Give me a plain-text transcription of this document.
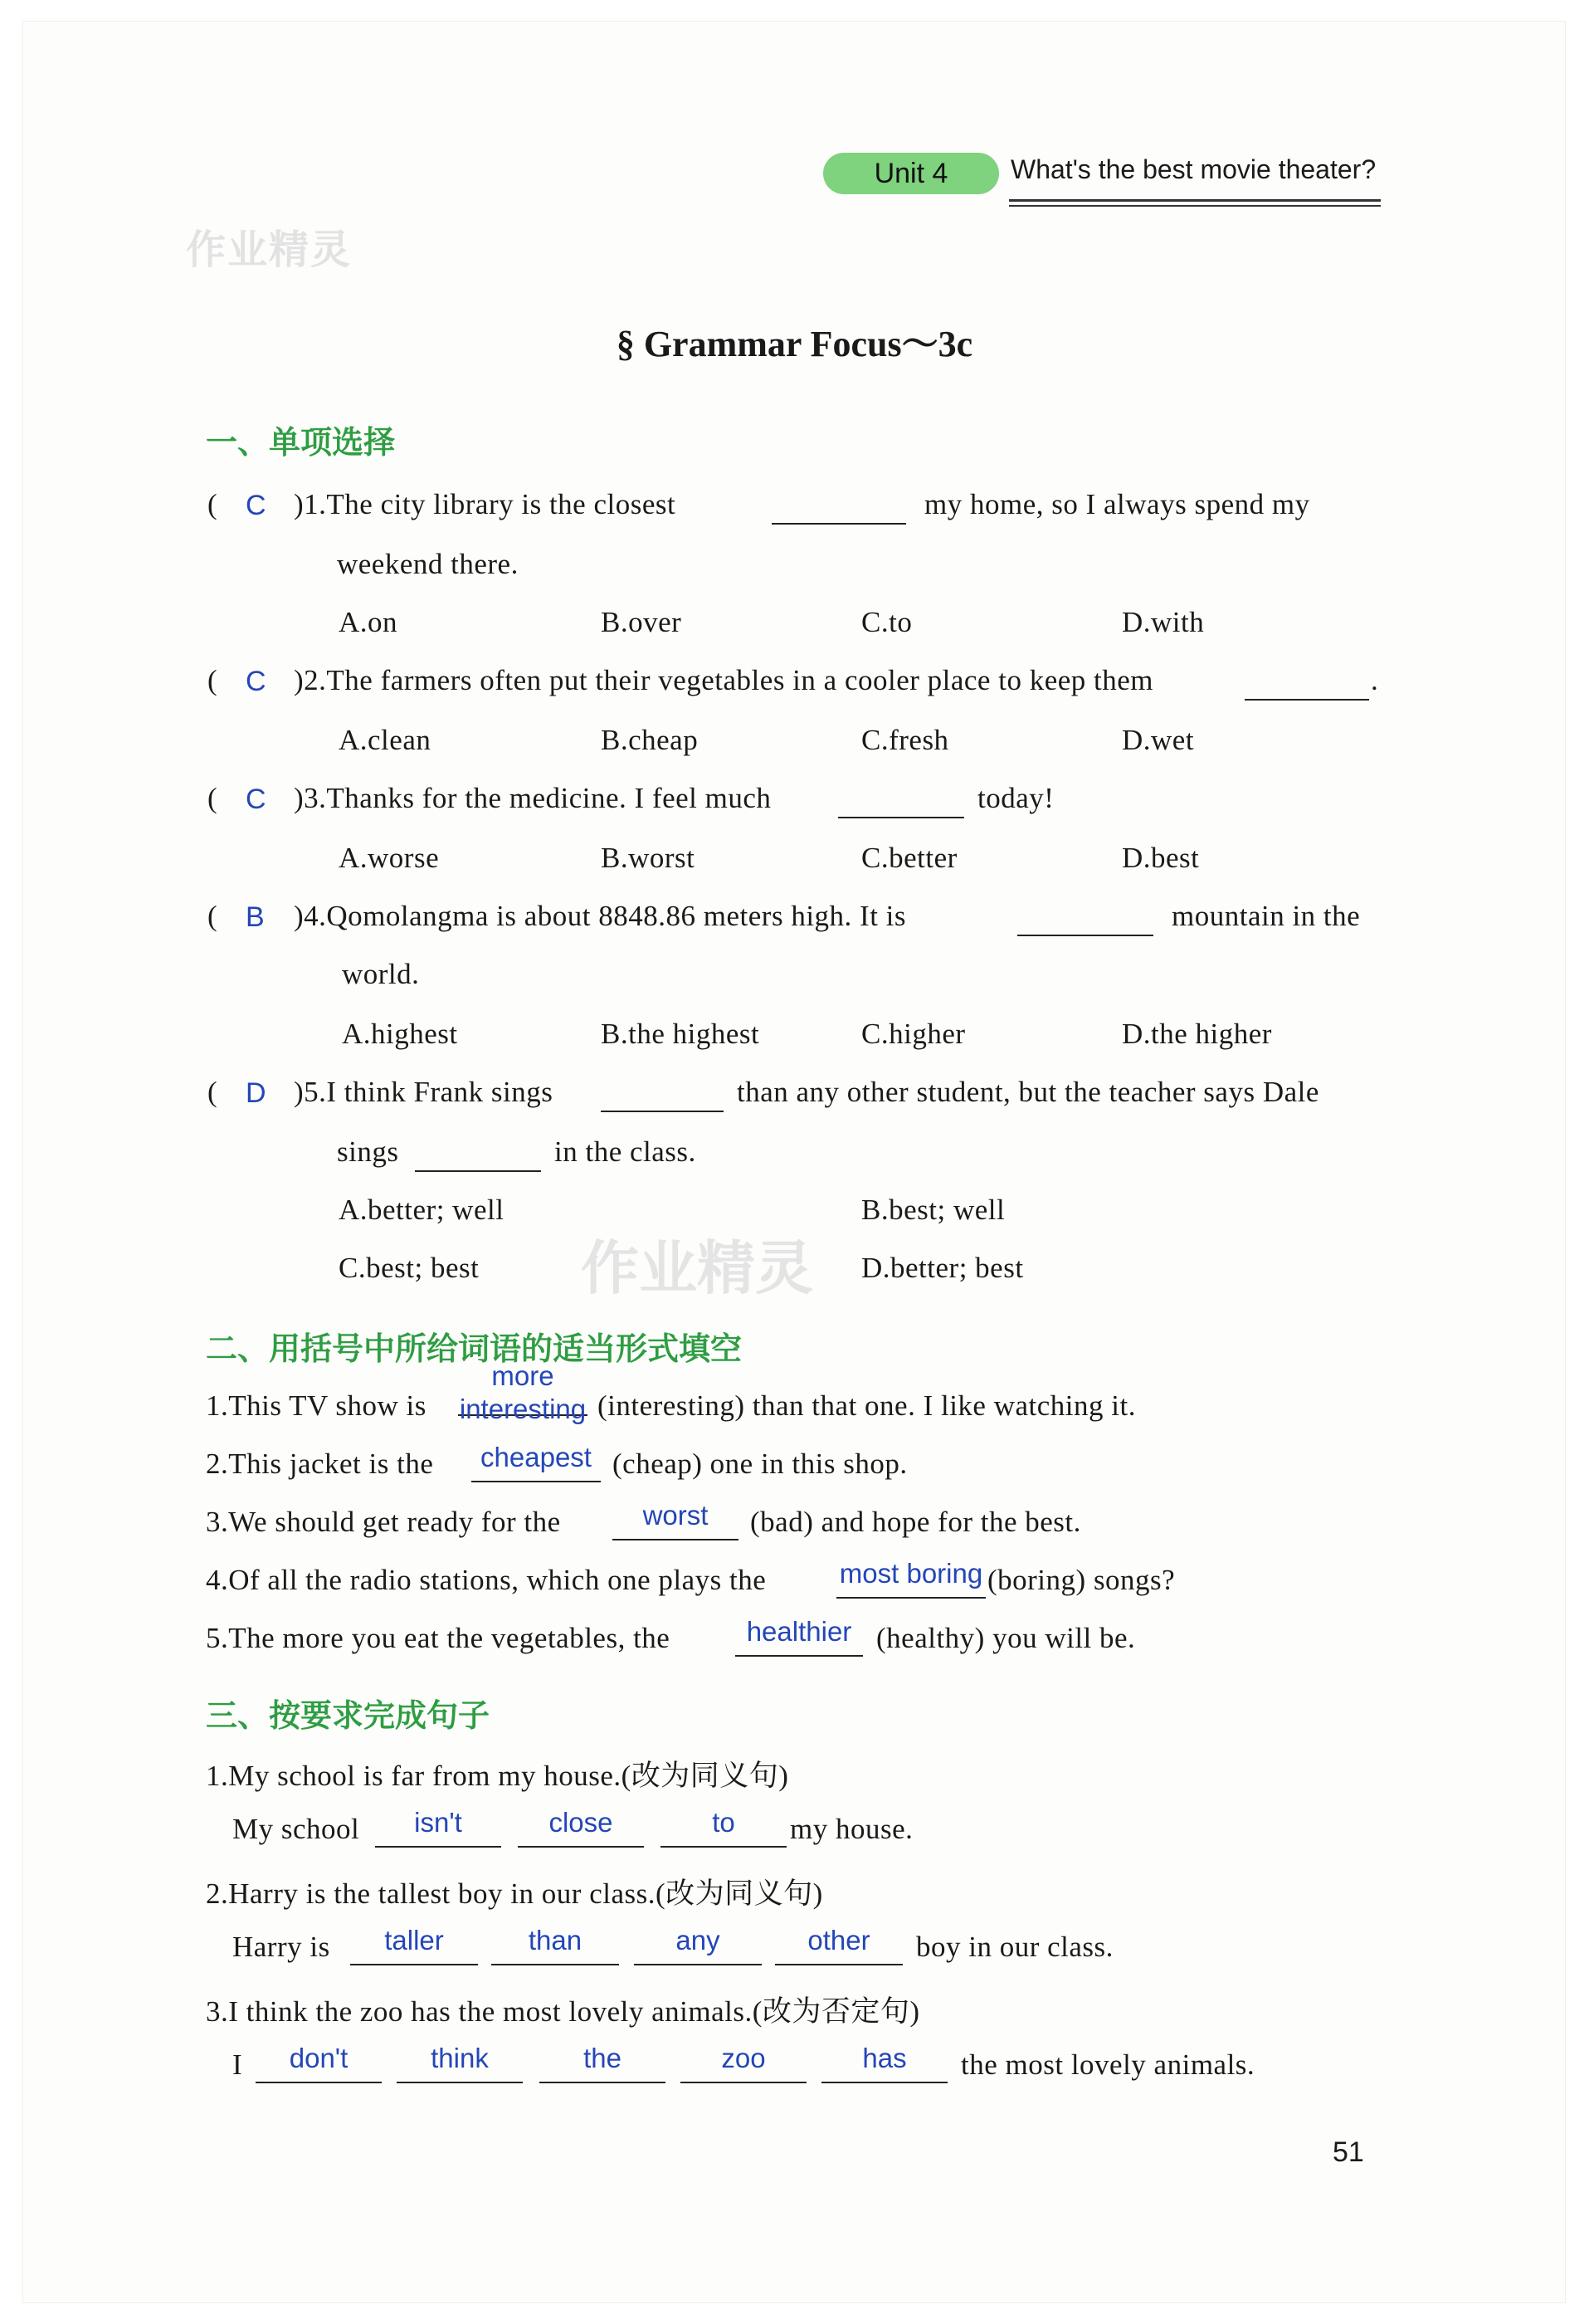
Unit 4	What's the best movie theater?
作业精灵
§ Grammar Focus～3c
一、单项选择
( C )1.The city library is the closest	my home, so I always spend my
weekend there.
A.on	B.over	C.to	D.with
( C )2.The farmers often put their vegetables in a cooler place to keep them	.
A.clean	B.cheap	C.fresh	D.wet
( C )3.Thanks for the medicine. I feel much	today!
A.worse	B.worst	C.better	D.best
( B )4.Qomolangma is about 8848.86 meters high. It is	mountain in the
world.
A.highest	B.the highest	C.higher	D.the higher
( D )5.I think Frank sings	than any other student, but the teacher says Dale
sings	in the class.
A.better; well	B.best; well
C.best; best	D.better; best
作业精灵
二、用括号中所给词语的适当形式填空
1.This TV show is
more interesting (interesting) than that one. I like watching it.
2.This jacket is the	cheapest (cheap) one in this shop.
3.We should get ready for the	worst	(bad) and hope for the best.
4.Of all the radio stations, which one plays the	most boring (boring) songs?
5.The more you eat the vegetables, the	healthier (healthy) you will be.
三、按要求完成句子
1.My school is far from my house.(改为同义句)
My school	isn't	close	to	my house.
2.Harry is the tallest boy in our class.(改为同义句)
Harry is	taller	than	any	other	boy in our class.
3.I think the zoo has the most lovely animals.(改为否定句)
I	don't	think	the	zoo	has	the most lovely animals.
51
